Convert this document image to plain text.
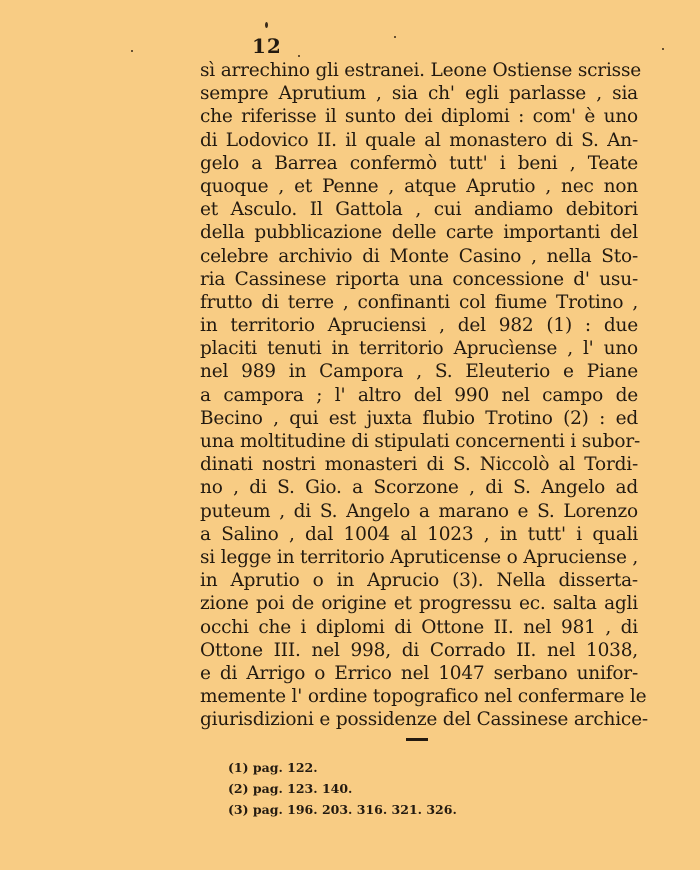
12
sì arrechino gli estranei. Leone Ostiense scrisse
sempre Aprutium , sia ch' egli parlasse , sia
che riferisse il sunto dei diplomi : com' è uno
di Lodovico II. il quale al monastero di S. An-
gelo a Barrea confermò tutt' i beni , Teate
quoque , et Penne , atque Aprutio , nec non
et Asculo. Il Gattola , cui andiamo debitori
della pubblicazione delle carte importanti del
celebre archivio di Monte Casino , nella Sto-
ria Cassinese riporta una concessione d' usu-
frutto di terre , confinanti col fiume Trotino ,
in territorio Apruciensi , del 982 (1) : due
placiti tenuti in territorio Aprucìense , l' uno
nel 989 in Campora , S. Eleuterio e Piane
a campora ; l' altro del 990 nel campo de
Becino , qui est juxta flubio Trotino (2) : ed
una moltitudine di stipulati concernenti i subor-
dinati nostri monasteri di S. Niccolò al Tordi-
no , di S. Gio. a Scorzone , di S. Angelo ad
puteum , di S. Angelo a marano e S. Lorenzo
a Salino , dal 1004 al 1023 , in tutt' i quali
si legge in territorio Apruticense o Apruciense ,
in Aprutio o in Aprucio (3). Nella disserta-
zione poi de origine et progressu ec. salta agli
occhi che i diplomi di Ottone II. nel 981 , di
Ottone III. nel 998, di Corrado II. nel 1038,
e di Arrigo o Errico nel 1047 serbano unifor-
memente l' ordine topografico nel confermare le
giurisdizioni e possidenze del Cassinese archice-
(1) pag. 122.
(2) pag. 123. 140.
(3) pag. 196. 203. 316. 321. 326.
